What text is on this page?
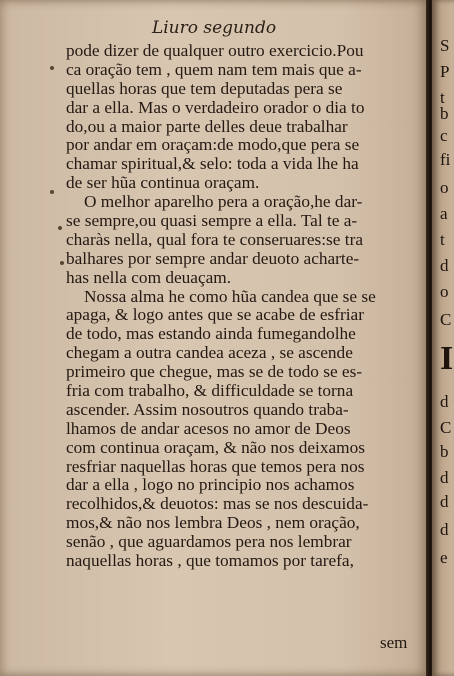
Liuro segundo
pode dizer de qualquer outro exercicio.Pou
ca oração tem , quem nam tem mais que a-
quellas horas que tem deputadas pera se
dar a ella. Mas o verdadeiro orador o dia to
do,ou a maior parte delles deue trabalhar
por andar em oraçam:de modo,que pera se
chamar spiritual,& selo: toda a vida lhe ha
de ser hũa continua oraçam.
O melhor aparelho pera a oração,he dar-
se sempre,ou quasi sempre a ella. Tal te a-
charàs nella, qual fora te conseruares:se tra
balhares por sempre andar deuoto acharte-
has nella com deuaçam.
Nossa alma he como hũa candea que se se
apaga, & logo antes que se acabe de esfriar
de todo, mas estando ainda fumegandolhe
chegam a outra candea aceza , se ascende
primeiro que chegue, mas se de todo se es-
fria com trabalho, & difficuldade se torna
ascender. Assim nosoutros quando traba-
lhamos de andar acesos no amor de Deos
com continua oraçam, & não nos deixamos
resfriar naquellas horas que temos pera nos
dar a ella , logo no principio nos achamos
recolhidos,& deuotos: mas se nos descuida-
mos,& não nos lembra Deos , nem oração,
senão , que aguardamos pera nos lembrar
naquellas horas , que tomamos por tarefa,
sem
S
P
t
b
c
fi
o
a
t
d
o
C
I
d
C
b
d
d
d
e
